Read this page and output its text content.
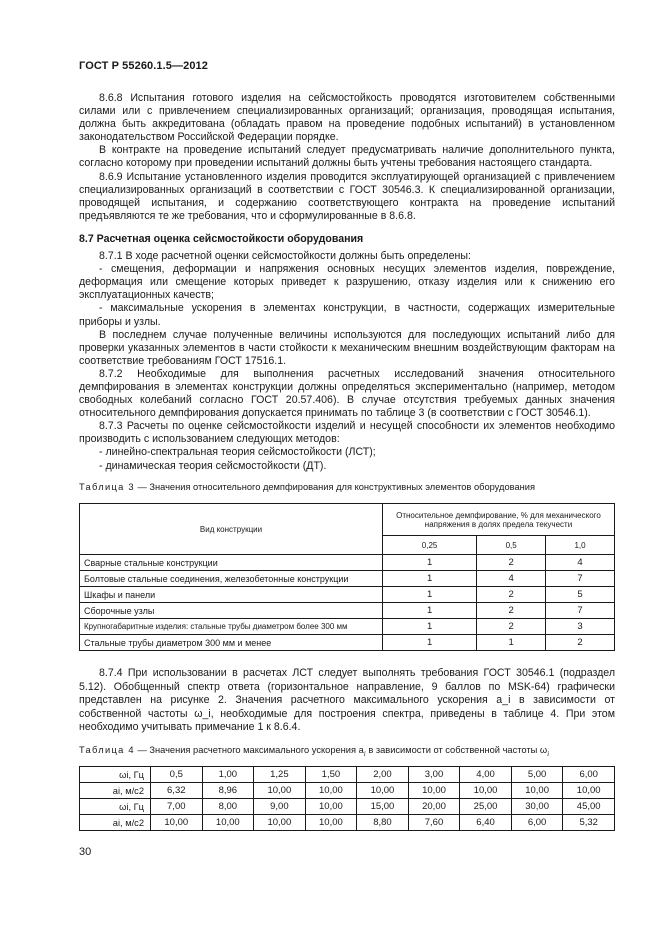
ГОСТ Р 55260.1.5—2012

8.6.8 Испытания готового изделия на сейсмостойкость проводятся изготовителем собственными силами или с привлечением специализированных организаций; организация, проводящая испытания, должна быть аккредитована (обладать правом на проведение подобных испытаний) в установленном законодательством Российской Федерации порядке.

В контракте на проведение испытаний следует предусматривать наличие дополнительного пункта, согласно которому при проведении испытаний должны быть учтены требования настоящего стандарта.

8.6.9 Испытание установленного изделия проводится эксплуатирующей организацией с привлечением специализированных организаций в соответствии с ГОСТ 30546.3. К специализированной организации, проводящей испытания, и содержанию соответствующего контракта на проведение испытаний предъявляются те же требования, что и сформулированные в 8.6.8.

8.7 Расчетная оценка сейсмостойкости оборудования

8.7.1 В ходе расчетной оценки сейсмостойкости должны быть определены:

- смещения, деформации и напряжения основных несущих элементов изделия, повреждение, деформация или смещение которых приведет к разрушению, отказу изделия или к снижению его эксплуатационных качеств;

- максимальные ускорения в элементах конструкции, в частности, содержащих измерительные приборы и узлы.

В последнем случае полученные величины используются для последующих испытаний либо для проверки указанных элементов в части стойкости к механическим внешним воздействующим факторам на соответствие требованиям ГОСТ 17516.1.

8.7.2 Необходимые для выполнения расчетных исследований значения относительного демпфирования в элементах конструкции должны определяться экспериментально (например, методом свободных колебаний согласно ГОСТ 20.57.406). В случае отсутствия требуемых данных значения относительного демпфирования допускается принимать по таблице 3 (в соответствии с ГОСТ 30546.1).

8.7.3 Расчеты по оценке сейсмостойкости изделий и несущей способности их элементов необходимо производить с использованием следующих методов:

- линейно-спектральная теория сейсмостойкости (ЛСТ);

- динамическая теория сейсмостойкости (ДТ).

Таблица 3 — Значения относительного демпфирования для конструктивных элементов оборудования
Вид конструкции	Относительное демпфирование, % для механического напряжения в долях предела текучести		
	0,25	0,5	1,0
Сварные стальные конструкции	1	2	4
Болтовые стальные соединения, железобетонные конструкции	1	4	7
Шкафы и панели	1	2	5
Сборочные узлы	1	2	7
Крупногабаритные изделия: стальные трубы диаметром более 300 мм	1	2	3
Стальные трубы диаметром 300 мм и менее	1	1	2

8.7.4 При использовании в расчетах ЛСТ следует выполнять требования ГОСТ 30546.1 (подраздел 5.12). Обобщенный спектр ответа (горизонтальное направление, 9 баллов по MSK-64) графически представлен на рисунке 2. Значения расчетного максимального ускорения a_i в зависимости от собственной частоты ω_i, необходимые для построения спектра, приведены в таблице 4. При этом необходимо учитывать примечание 1 к 8.6.4.

Таблица 4 — Значения расчетного максимального ускорения $a_i$ в зависимости от собственной частоты $\omega_i$
ωi, Гц	0,5	1,00	1,25	1,50	2,00	3,00	4,00	5,00	6,00
ai, м/с2	6,32	8,96	10,00	10,00	10,00	10,00	10,00	10,00	10,00
ωi, Гц	7,00	8,00	9,00	10,00	15,00	20,00	25,00	30,00	45,00
ai, м/с2	10,00	10,00	10,00	10,00	8,80	7,60	6,40	6,00	5,32
30
